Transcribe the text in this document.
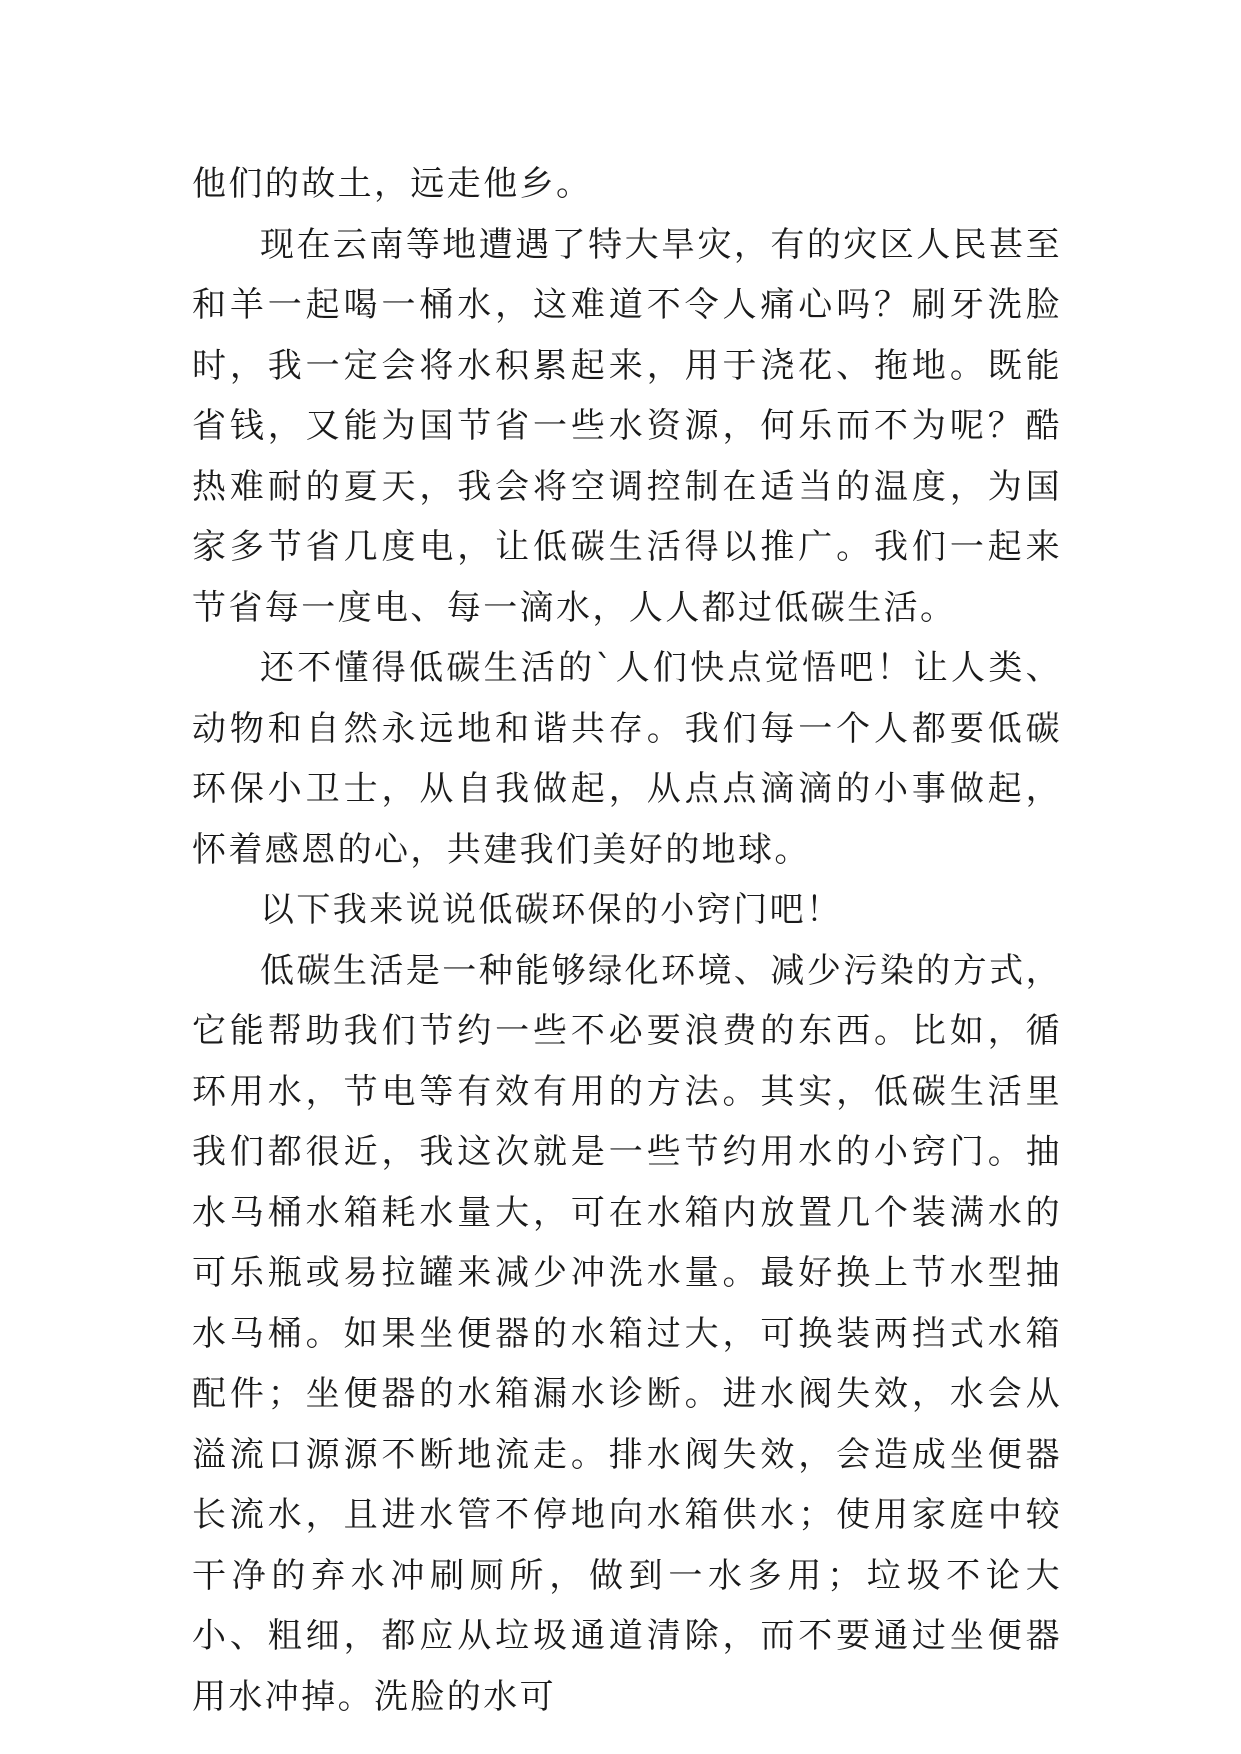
他们的故土，远走他乡。

现在云南等地遭遇了特大旱灾，有的灾区人民甚至和羊一起喝一桶水，这难道不令人痛心吗？刷牙洗脸时，我一定会将水积累起来，用于浇花、拖地。既能省钱，又能为国节省一些水资源，何乐而不为呢？酷热难耐的夏天，我会将空调控制在适当的温度，为国家多节省几度电，让低碳生活得以推广。我们一起来节省每一度电、每一滴水，人人都过低碳生活。

还不懂得低碳生活的`人们快点觉悟吧！让人类、动物和自然永远地和谐共存。我们每一个人都要低碳环保小卫士，从自我做起，从点点滴滴的小事做起，怀着感恩的心，共建我们美好的地球。

以下我来说说低碳环保的小窍门吧！

低碳生活是一种能够绿化环境、减少污染的方式，它能帮助我们节约一些不必要浪费的东西。比如，循环用水，节电等有效有用的方法。其实，低碳生活里我们都很近，我这次就是一些节约用水的小窍门。抽水马桶水箱耗水量大，可在水箱内放置几个装满水的可乐瓶或易拉罐来减少冲洗水量。最好换上节水型抽水马桶。如果坐便器的水箱过大，可换装两挡式水箱配件；坐便器的水箱漏水诊断。进水阀失效，水会从溢流口源源不断地流走。排水阀失效，会造成坐便器长流水，且进水管不停地向水箱供水；使用家庭中较干净的弃水冲刷厕所，做到一水多用；垃圾不论大小、粗细，都应从垃圾通道清除，而不要通过坐便器用水冲掉。洗脸的水可
